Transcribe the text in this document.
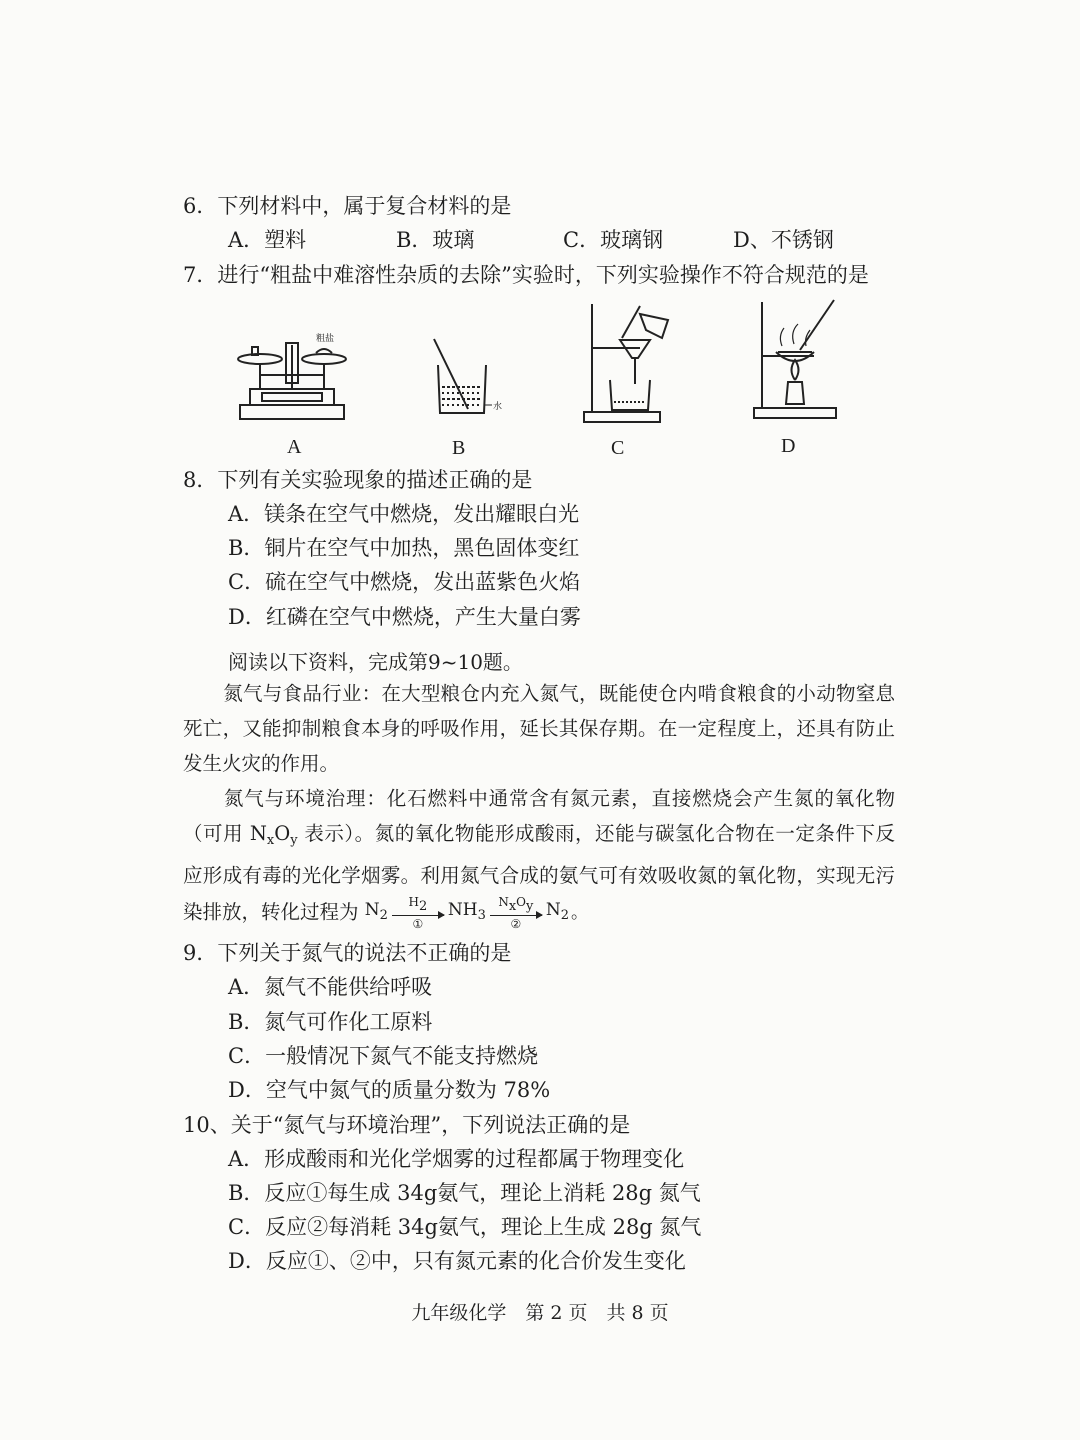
6．下列材料中，属于复合材料的是
A．塑料	B．玻璃	C．玻璃钢	D、不锈钢
7．进行“粗盐中难溶性杂质的去除”实验时，下列实验操作不符合规范的是
粗盐
A
水
B	C	D
8．下列有关实验现象的描述正确的是
A．镁条在空气中燃烧，发出耀眼白光
B．铜片在空气中加热，黑色固体变红
C．硫在空气中燃烧，发出蓝紫色火焰
D．红磷在空气中燃烧，产生大量白雾
阅读以下资料，完成第9~10题。
氮气与食品行业：在大型粮仓内充入氮气，既能使仓内啃食粮食的小动物窒息死亡，又能抑制粮食本身的呼吸作用，延长其保存期。在一定程度上，还具有防止发生火灾的作用。
氮气与环境治理：化石燃料中通常含有氮元素，直接燃烧会产生氮的氧化物（可用 $N_xO_y$ 表示）。氮的氧化物能形成酸雨，还能与碳氢化合物在一定条件下反应形成有毒的光化学烟雾。利用氮气合成的氨气可有效吸收氮的氧化物，实现无污染排放，转化过程为 $N_2$
H2
①
$NH_3$
NxOy
②
$N_2$ 。
9．下列关于氮气的说法不正确的是
A．氮气不能供给呼吸
B．氮气可作化工原料
C．一般情况下氮气不能支持燃烧
D．空气中氮气的质量分数为 78%
10、关于“氮气与环境治理”，下列说法正确的是
A．形成酸雨和光化学烟雾的过程都属于物理变化
B．反应①每生成 34g氨气，理论上消耗 28g 氮气
C．反应②每消耗 34g氨气，理论上生成 28g 氮气
D．反应①、②中，只有氮元素的化合价发生变化
九年级化学　第 2 页　共 8 页
